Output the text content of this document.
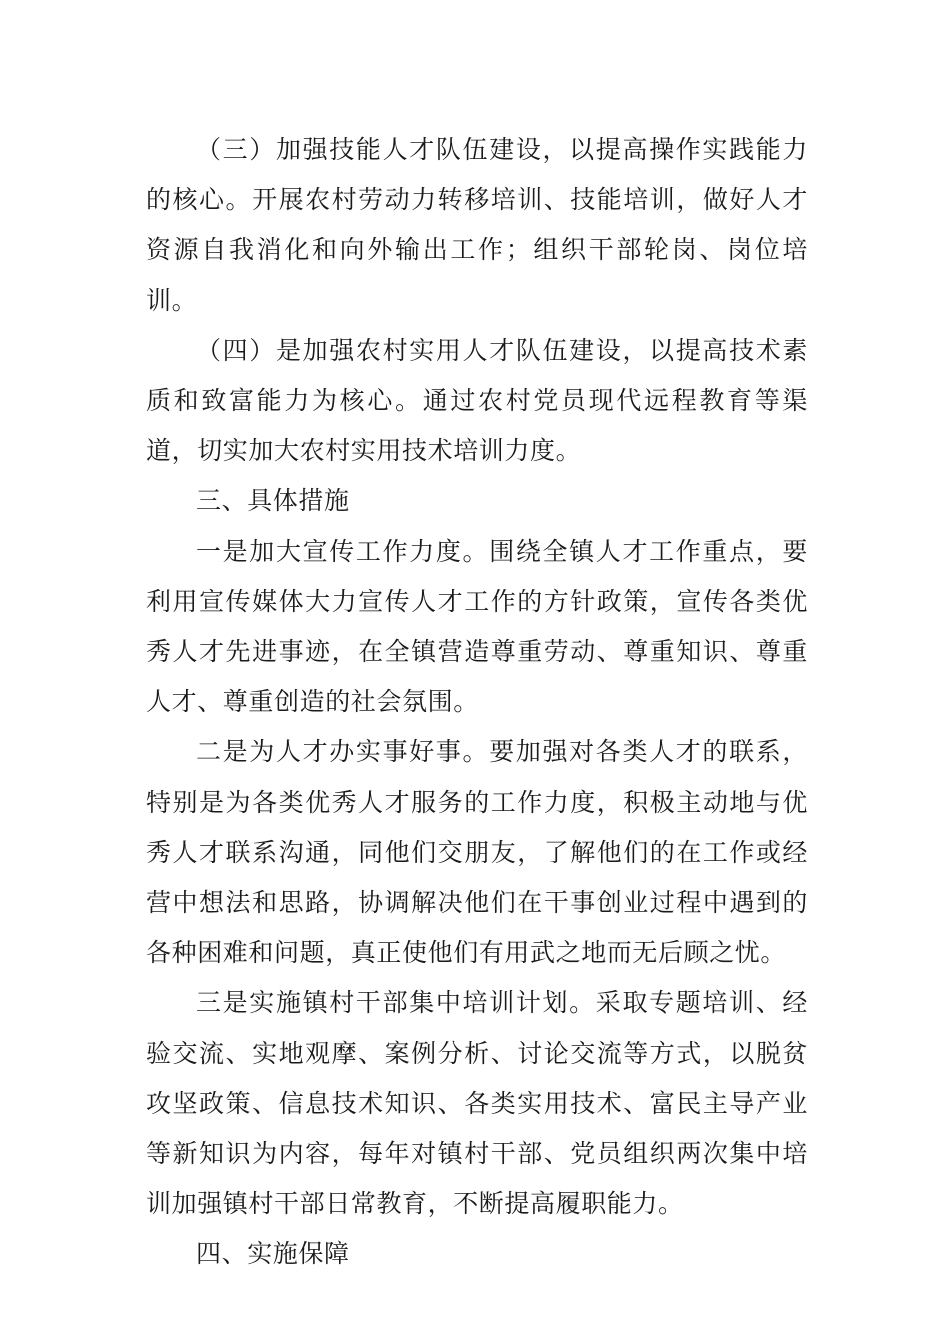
（三）加强技能人才队伍建设，以提高操作实践能力的核心。开展农村劳动力转移培训、技能培训，做好人才资源自我消化和向外输出工作；组织干部轮岗、岗位培训。

（四）是加强农村实用人才队伍建设，以提高技术素质和致富能力为核心。通过农村党员现代远程教育等渠道，切实加大农村实用技术培训力度。

三、具体措施

一是加大宣传工作力度。围绕全镇人才工作重点，要利用宣传媒体大力宣传人才工作的方针政策，宣传各类优秀人才先进事迹，在全镇营造尊重劳动、尊重知识、尊重人才、尊重创造的社会氛围。

二是为人才办实事好事。要加强对各类人才的联系，特别是为各类优秀人才服务的工作力度，积极主动地与优秀人才联系沟通，同他们交朋友，了解他们的在工作或经营中想法和思路，协调解决他们在干事创业过程中遇到的各种困难和问题，真正使他们有用武之地而无后顾之忧。

三是实施镇村干部集中培训计划。采取专题培训、经验交流、实地观摩、案例分析、讨论交流等方式，以脱贫攻坚政策、信息技术知识、各类实用技术、富民主导产业等新知识为内容，每年对镇村干部、党员组织两次集中培训加强镇村干部日常教育，不断提高履职能力。

四、实施保障
